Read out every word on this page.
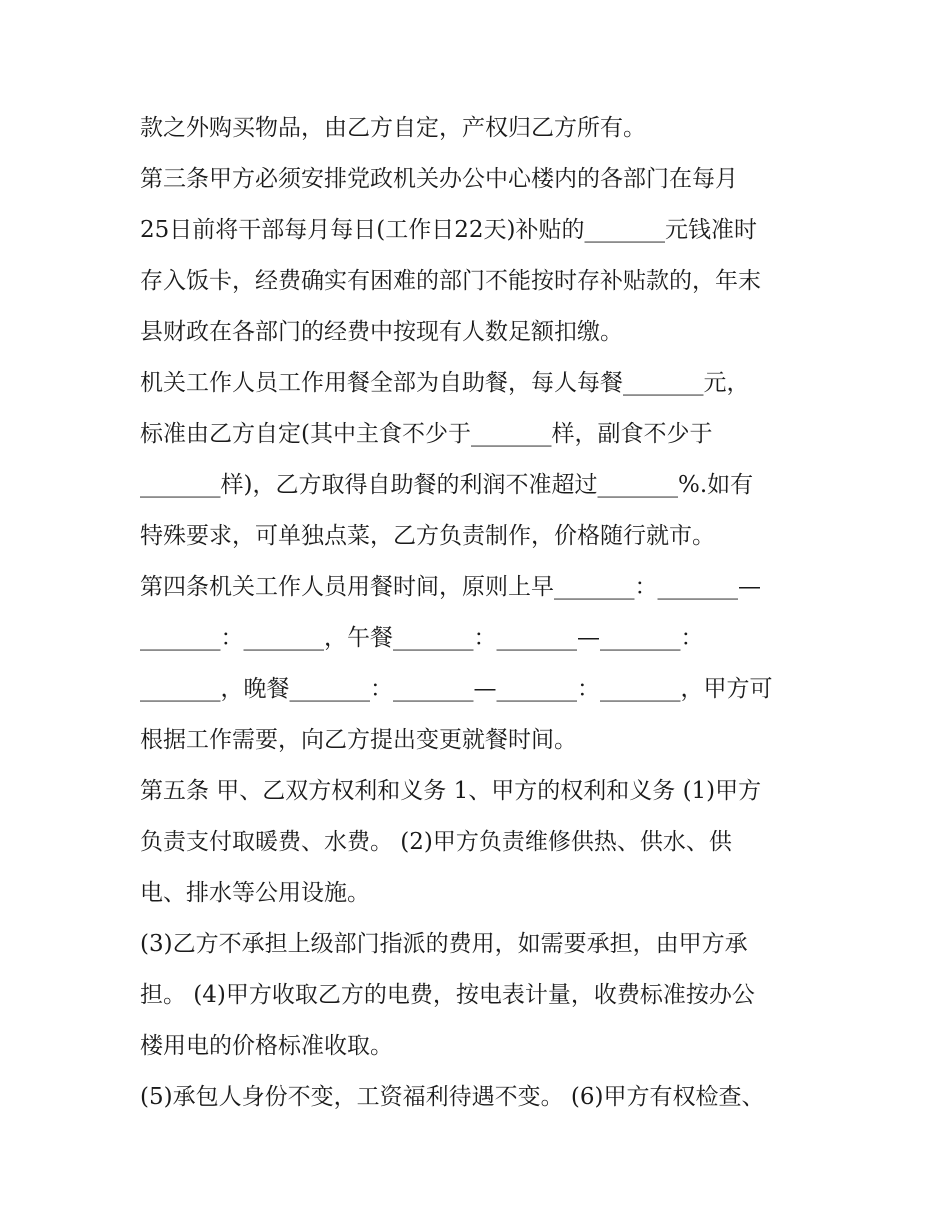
款之外购买物品，由乙方自定，产权归乙方所有。
第三条甲方必须安排党政机关办公中心楼内的各部门在每月
25日前将干部每月每日(工作日22天)补贴的_______元钱准时
存入饭卡，经费确实有困难的部门不能按时存补贴款的，年末
县财政在各部门的经费中按现有人数足额扣缴。
机关工作人员工作用餐全部为自助餐，每人每餐_______元，
标准由乙方自定(其中主食不少于_______样，副食不少于
_______样)，乙方取得自助餐的利润不准超过_______%.如有
特殊要求，可单独点菜，乙方负责制作，价格随行就市。
第四条机关工作人员用餐时间，原则上早_______：_______—
_______：_______，午餐_______：_______—_______：
_______，晚餐_______：_______—_______：_______，甲方可
根据工作需要，向乙方提出变更就餐时间。
第五条 甲、乙双方权利和义务 1、甲方的权利和义务 (1)甲方
负责支付取暖费、水费。 (2)甲方负责维修供热、供水、供
电、排水等公用设施。
(3)乙方不承担上级部门指派的费用，如需要承担，由甲方承
担。 (4)甲方收取乙方的电费，按电表计量，收费标准按办公
楼用电的价格标准收取。
(5)承包人身份不变，工资福利待遇不变。 (6)甲方有权检查、
